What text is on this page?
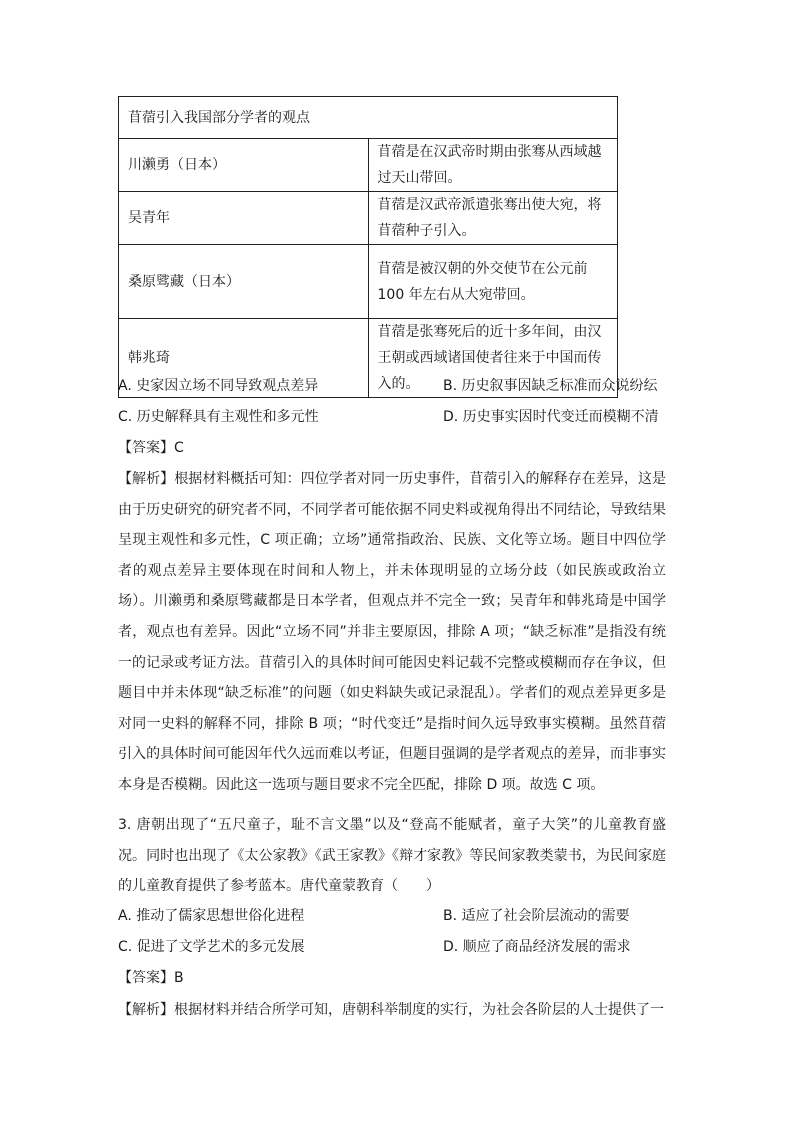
苜蓿引入我国部分学者的观点	
川濑勇（日本）	苜蓿是在汉武帝时期由张骞从西域越过天山带回。
吴青年	苜蓿是汉武帝派遣张骞出使大宛，将苜蓿种子引入。
桑原骘藏（日本）	苜蓿是被汉朝的外交使节在公元前 100 年左右从大宛带回。
韩兆琦	苜蓿是张骞死后的近十多年间，由汉王朝或西域诸国使者往来于中国而传入的。
A. 史家因立场不同导致观点差异	B. 历史叙事因缺乏标准而众说纷纭
C. 历史解释具有主观性和多元性	D. 历史事实因时代变迁而模糊不清
【答案】C
【解析】根据材料概括可知：四位学者对同一历史事件，苜蓿引入的解释存在差异，这是由于历史研究的研究者不同，不同学者可能依据不同史料或视角得出不同结论，导致结果呈现主观性和多元性，C 项正确；立场”通常指政治、民族、文化等立场。题目中四位学者的观点差异主要体现在时间和人物上，并未体现明显的立场分歧（如民族或政治立场）。川濑勇和桑原骘藏都是日本学者，但观点并不完全一致；吴青年和韩兆琦是中国学者，观点也有差异。因此“立场不同”并非主要原因，排除 A 项；“缺乏标准”是指没有统一的记录或考证方法。苜蓿引入的具体时间可能因史料记载不完整或模糊而存在争议，但题目中并未体现“缺乏标准”的问题（如史料缺失或记录混乱）。学者们的观点差异更多是对同一史料的解释不同，排除 B 项；“时代变迁”是指时间久远导致事实模糊。虽然苜蓿引入的具体时间可能因年代久远而难以考证，但题目强调的是学者观点的差异，而非事实本身是否模糊。因此这一选项与题目要求不完全匹配，排除 D 项。故选 C 项。
3. 唐朝出现了“五尺童子，耻不言文墨”以及“登高不能赋者，童子大笑”的儿童教育盛况。同时也出现了《太公家教》《武王家教》《辩才家教》等民间家教类蒙书，为民间家庭的儿童教育提供了参考蓝本。唐代童蒙教育（　　）
A. 推动了儒家思想世俗化进程	B. 适应了社会阶层流动的需要
C. 促进了文学艺术的多元发展	D. 顺应了商品经济发展的需求
【答案】B
【解析】根据材料并结合所学可知，唐朝科举制度的实行，为社会各阶层的人士提供了一
